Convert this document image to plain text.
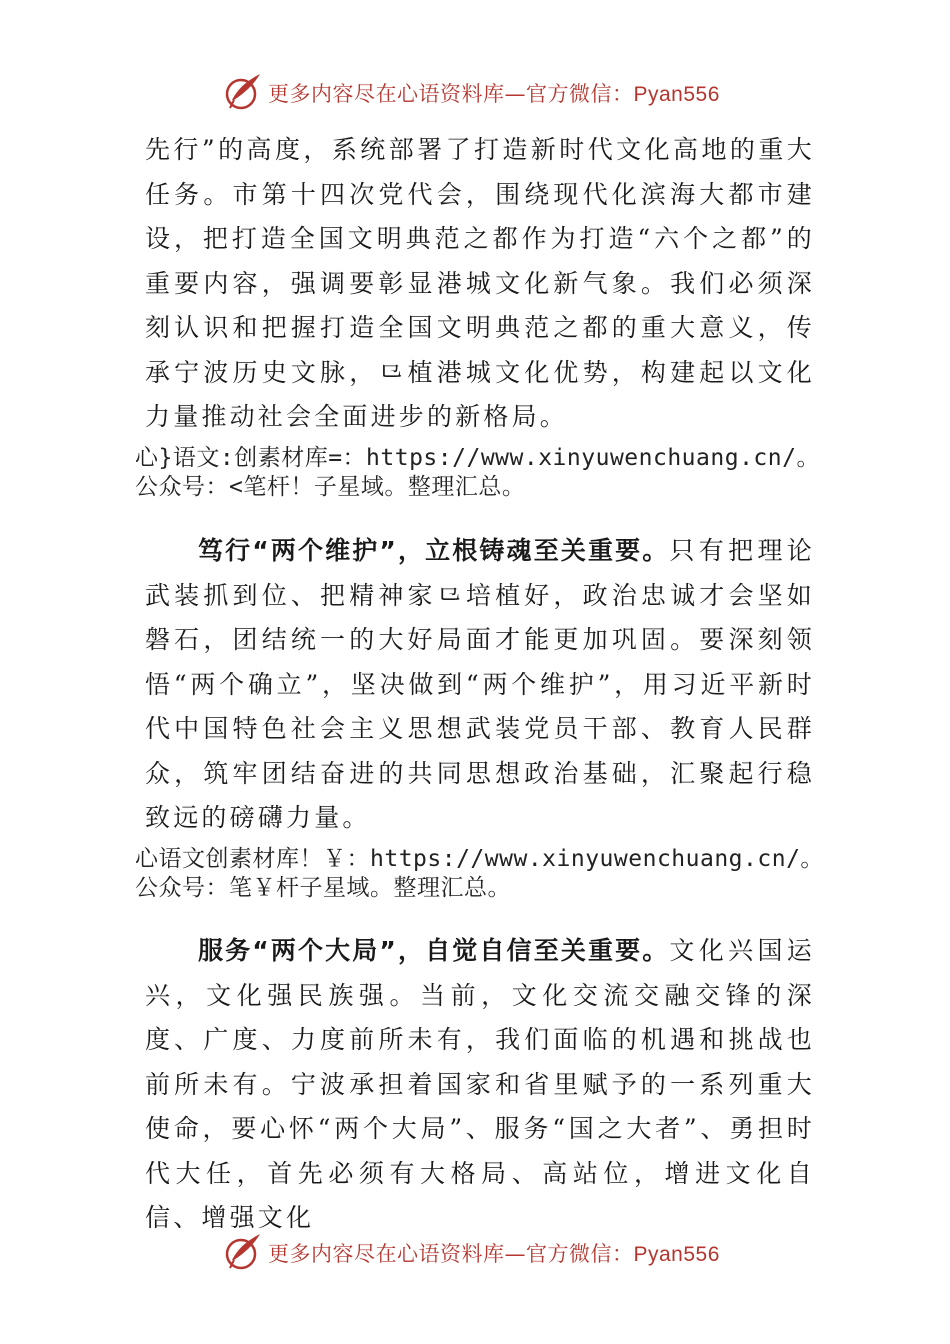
更多内容尽在心语资料库—官方微信：Pyan556
先行”的高度，系统部署了打造新时代文化高地的重大任务。市第十四次党代会，围绕现代化滨海大都市建设，把打造全国文明典范之都作为打造“六个之都”的重要内容，强调要彰显港城文化新气象。我们必须深刻认识和把握打造全国文明典范之都的重大意义，传承宁波历史文脉，⺋植港城文化优势，构建起以文化力量推动社会全面进步的新格局。
心}语文:创素材库=：https://www.xinyuwenchuang.cn/。公众号：<笔杆！子星域。整理汇总。
笃行“两个维护”，立根铸魂至关重要。只有把理论武装抓到位、把精神家⺋培植好，政治忠诚才会坚如磐石，团结统一的大好局面才能更加巩固。要深刻领悟“两个确立”，坚决做到“两个维护”，用习近平新时代中国特色社会主义思想武装党员干部、教育人民群众，筑牢团结奋进的共同思想政治基础，汇聚起行稳致远的磅礴力量。
心语文创素材库！￥：https://www.xinyuwenchuang.cn/。公众号：笔￥杆子星域。整理汇总。
服务“两个大局”，自觉自信至关重要。文化兴国运兴，文化强民族强。当前，文化交流交融交锋的深度、广度、力度前所未有，我们面临的机遇和挑战也前所未有。宁波承担着国家和省里赋予的一系列重大使命，要心怀“两个大局”、服务“国之大者”、勇担时代大任，首先必须有大格局、高站位，增进文化自信、增强文化
更多内容尽在心语资料库—官方微信：Pyan556
